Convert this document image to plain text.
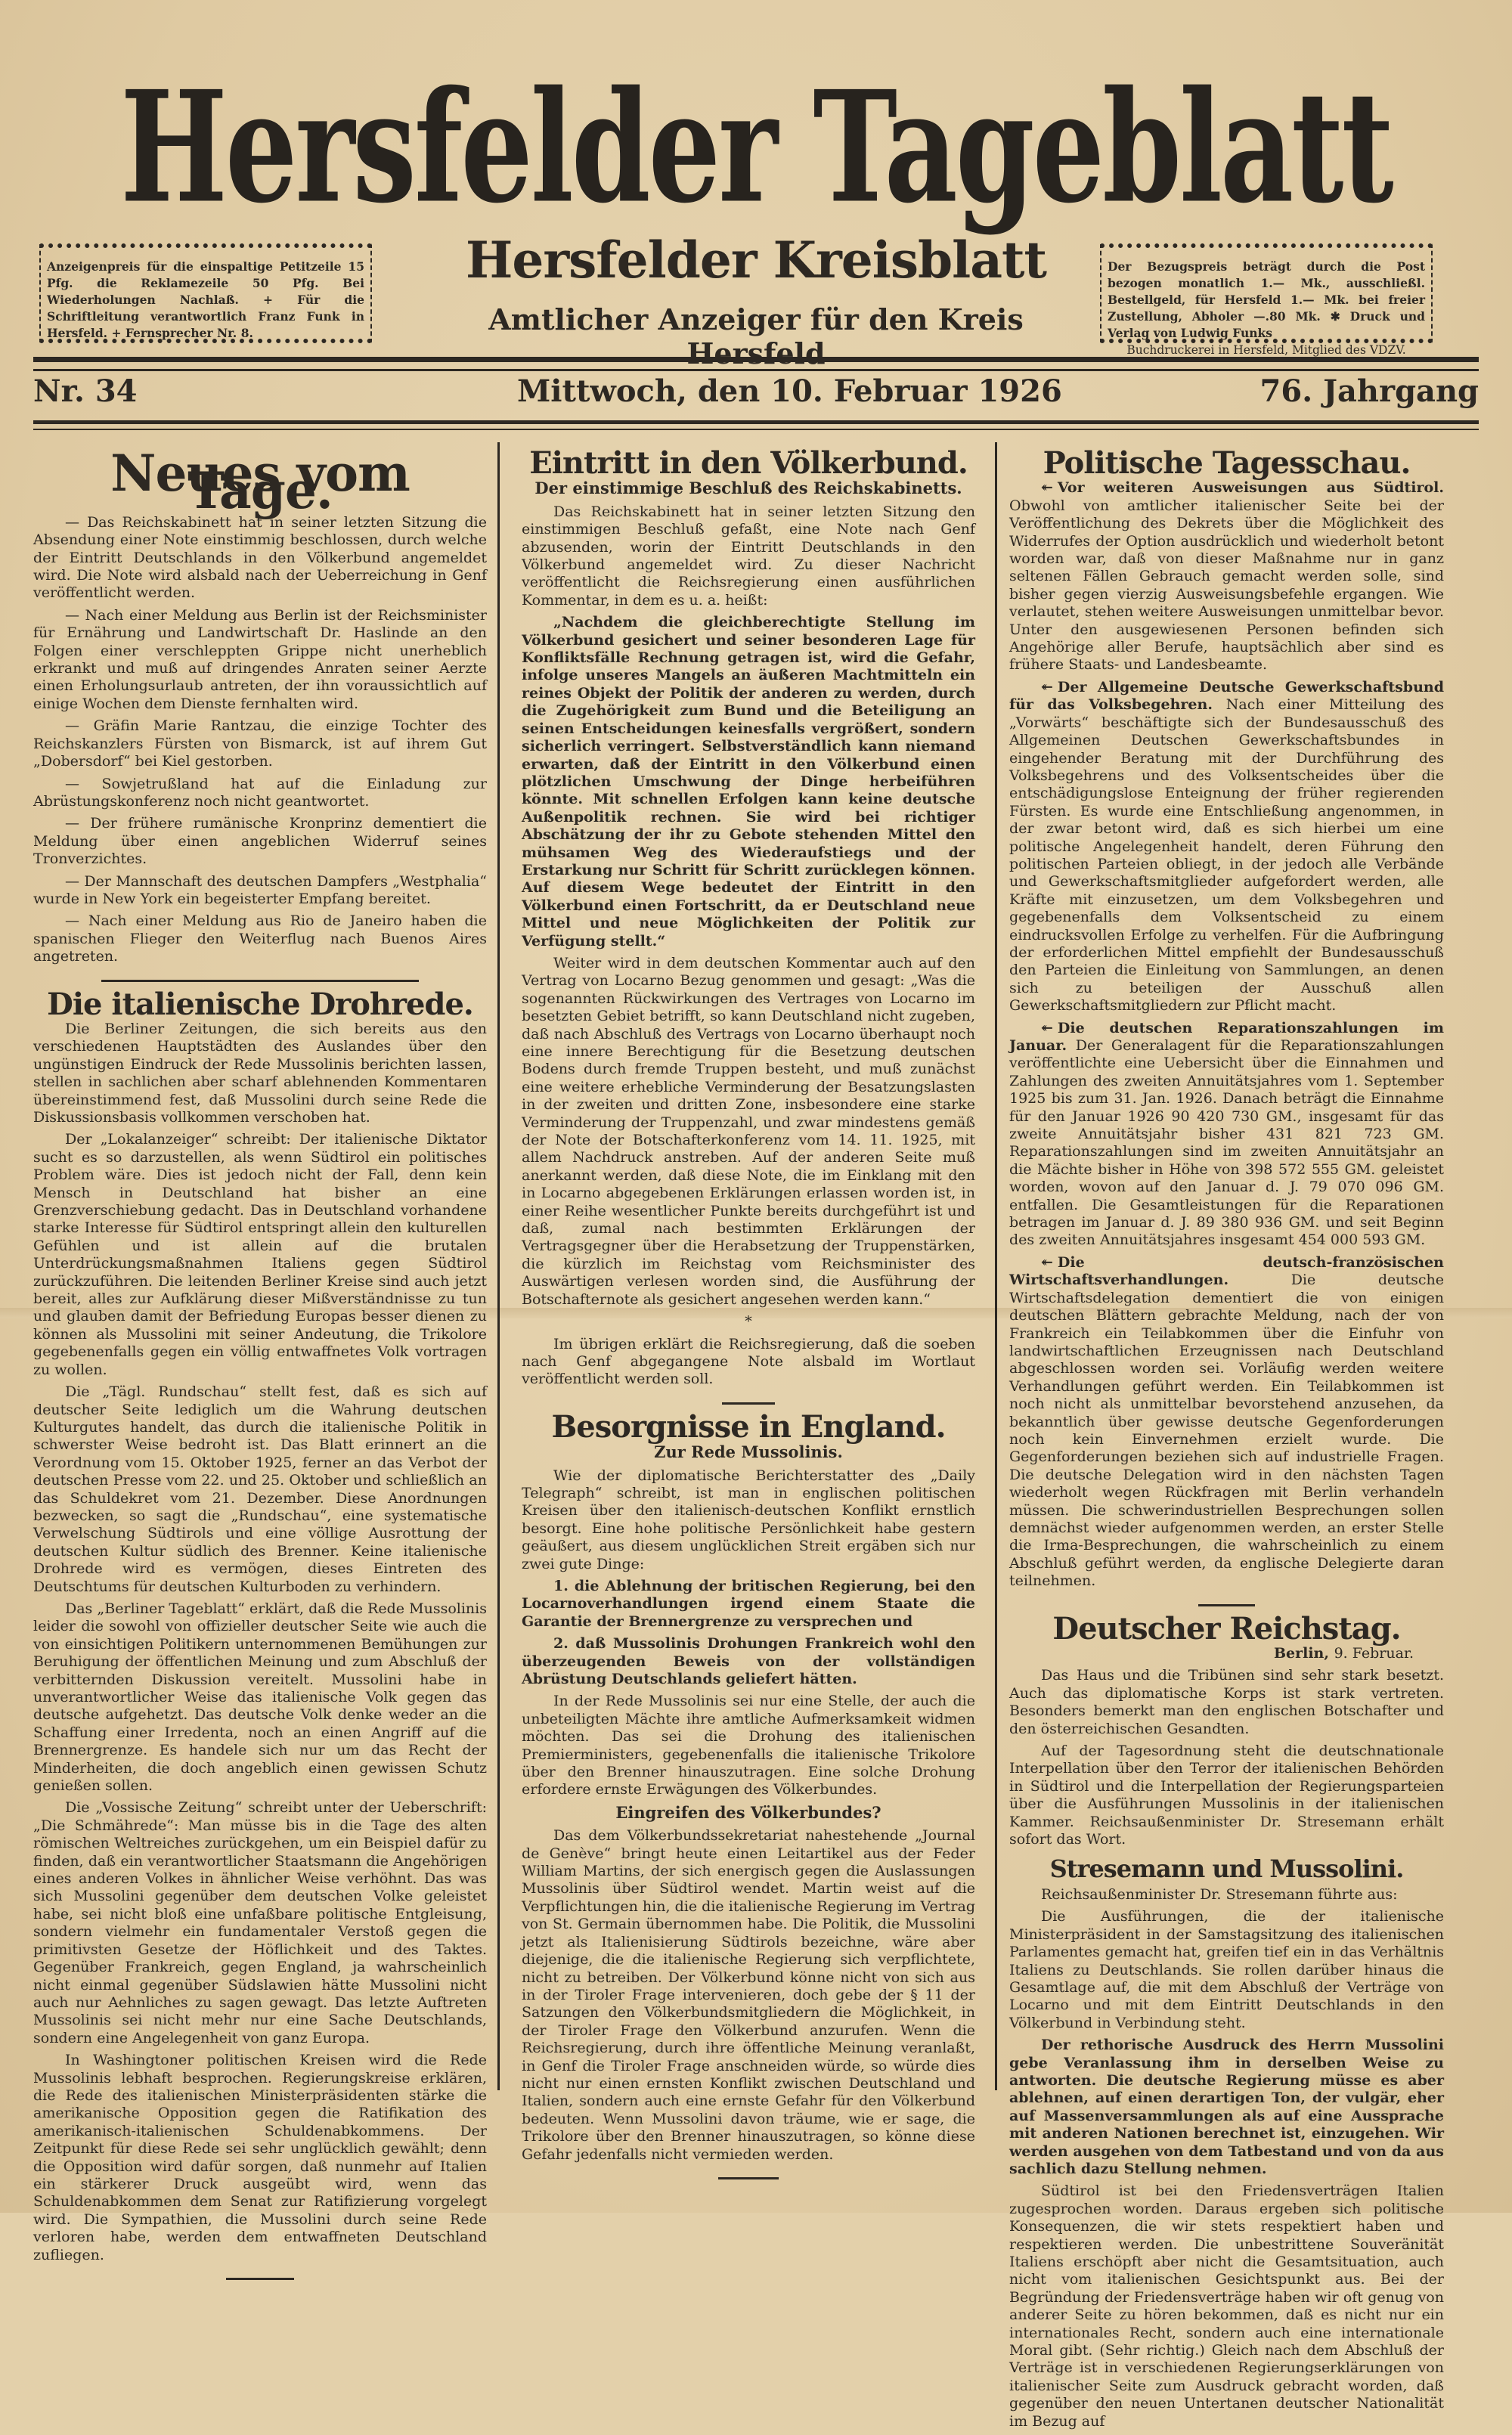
Hersfelder Tageblatt
Anzeigenpreis für die einspaltige Petitzeile 15 Pfg. die Reklamezeile 50 Pfg. Bei Wiederholungen Nachlaß. + Für die Schriftleitung verantwortlich Franz Funk in Hersfeld. + Fernsprecher Nr. 8.
Hersfelder Kreisblatt
Amtlicher Anzeiger für den Kreis Hersfeld
Der Bezugspreis beträgt durch die Post bezogen monatlich 1.— Mk., ausschließl. Bestellgeld, für Hersfeld 1.— Mk. bei freier Zustellung, Abholer —.80 Mk. ✱ Druck und Verlag von Ludwig Funks
Buchdruckerei in Hersfeld, Mitglied des VDZV.
Nr. 34	Mittwoch, den 10. Februar 1926	76. Jahrgang
Neues vom Tage.

— Das Reichskabinett hat in seiner letzten Sitzung die Absendung einer Note einstimmig beschlossen, durch welche der Eintritt Deutschlands in den Völkerbund angemeldet wird. Die Note wird alsbald nach der Ueberreichung in Genf veröffentlicht werden.

— Nach einer Meldung aus Berlin ist der Reichsminister für Ernährung und Landwirtschaft Dr. Haslinde an den Folgen einer verschleppten Grippe nicht unerheblich erkrankt und muß auf dringendes Anraten seiner Aerzte einen Erholungsurlaub antreten, der ihn voraussichtlich auf einige Wochen dem Dienste fernhalten wird.

— Gräfin Marie Rantzau, die einzige Tochter des Reichskanzlers Fürsten von Bismarck, ist auf ihrem Gut „Dobersdorf“ bei Kiel gestorben.

— Sowjetrußland hat auf die Einladung zur Abrüstungskonferenz noch nicht geantwortet.

— Der frühere rumänische Kronprinz dementiert die Meldung über einen angeblichen Widerruf seines Tronverzichtes.

— Der Mannschaft des deutschen Dampfers „Westphalia“ wurde in New York ein begeisterter Empfang bereitet.

— Nach einer Meldung aus Rio de Janeiro haben die spanischen Flieger den Weiterflug nach Buenos Aires angetreten.

Die italienische Drohrede.

Die Berliner Zeitungen, die sich bereits aus den verschiedenen Hauptstädten des Auslandes über den ungünstigen Eindruck der Rede Mussolinis berichten lassen, stellen in sachlichen aber scharf ablehnenden Kommentaren übereinstimmend fest, daß Mussolini durch seine Rede die Diskussionsbasis vollkommen verschoben hat.

Der „Lokalanzeiger“ schreibt: Der italienische Diktator sucht es so darzustellen, als wenn Südtirol ein politisches Problem wäre. Dies ist jedoch nicht der Fall, denn kein Mensch in Deutschland hat bisher an eine Grenzverschiebung gedacht. Das in Deutschland vorhandene starke Interesse für Südtirol entspringt allein den kulturellen Gefühlen und ist allein auf die brutalen Unterdrückungsmaßnahmen Italiens gegen Südtirol zurückzuführen. Die leitenden Berliner Kreise sind auch jetzt bereit, alles zur Aufklärung dieser Mißverständnisse zu tun und glauben damit der Befriedung Europas besser dienen zu können als Mussolini mit seiner Andeutung, die Trikolore gegebenenfalls gegen ein völlig entwaffnetes Volk vortragen zu wollen.

Die „Tägl. Rundschau“ stellt fest, daß es sich auf deutscher Seite lediglich um die Wahrung deutschen Kulturgutes handelt, das durch die italienische Politik in schwerster Weise bedroht ist. Das Blatt erinnert an die Verordnung vom 15. Oktober 1925, ferner an das Verbot der deutschen Presse vom 22. und 25. Oktober und schließlich an das Schuldekret vom 21. Dezember. Diese Anordnungen bezwecken, so sagt die „Rundschau“, eine systematische Verwelschung Südtirols und eine völlige Ausrottung der deutschen Kultur südlich des Brenner. Keine italienische Drohrede wird es vermögen, dieses Eintreten des Deutschtums für deutschen Kulturboden zu verhindern.

Das „Berliner Tageblatt“ erklärt, daß die Rede Mussolinis leider die sowohl von offizieller deutscher Seite wie auch die von einsichtigen Politikern unternommenen Bemühungen zur Beruhigung der öffentlichen Meinung und zum Abschluß der verbitternden Diskussion vereitelt. Mussolini habe in unverantwortlicher Weise das italienische Volk gegen das deutsche aufgehetzt. Das deutsche Volk denke weder an die Schaffung einer Irredenta, noch an einen Angriff auf die Brennergrenze. Es handele sich nur um das Recht der Minderheiten, die doch angeblich einen gewissen Schutz genießen sollen.

Die „Vossische Zeitung“ schreibt unter der Ueberschrift: „Die Schmährede“: Man müsse bis in die Tage des alten römischen Weltreiches zurückgehen, um ein Beispiel dafür zu finden, daß ein verantwortlicher Staatsmann die Angehörigen eines anderen Volkes in ähnlicher Weise verhöhnt. Das was sich Mussolini gegenüber dem deutschen Volke geleistet habe, sei nicht bloß eine unfaßbare politische Entgleisung, sondern vielmehr ein fundamentaler Verstoß gegen die primitivsten Gesetze der Höflichkeit und des Taktes. Gegenüber Frankreich, gegen England, ja wahrscheinlich nicht einmal gegenüber Südslawien hätte Mussolini nicht auch nur Aehnliches zu sagen gewagt. Das letzte Auftreten Mussolinis sei nicht mehr nur eine Sache Deutschlands, sondern eine Angelegenheit von ganz Europa.

In Washingtoner politischen Kreisen wird die Rede Mussolinis lebhaft besprochen. Regierungskreise erklären, die Rede des italienischen Ministerpräsidenten stärke die amerikanische Opposition gegen die Ratifikation des amerikanisch-italienischen Schuldenabkommens. Der Zeitpunkt für diese Rede sei sehr unglücklich gewählt; denn die Opposition wird dafür sorgen, daß nunmehr auf Italien ein stärkerer Druck ausgeübt wird, wenn das Schuldenabkommen dem Senat zur Ratifizierung vorgelegt wird. Die Sympathien, die Mussolini durch seine Rede verloren habe, werden dem entwaffneten Deutschland zufliegen.

Eintritt in den Völkerbund.
Der einstimmige Beschluß des Reichskabinetts.

Das Reichskabinett hat in seiner letzten Sitzung den einstimmigen Beschluß gefaßt, eine Note nach Genf abzusenden, worin der Eintritt Deutschlands in den Völkerbund angemeldet wird. Zu dieser Nachricht veröffentlicht die Reichsregierung einen ausführlichen Kommentar, in dem es u. a. heißt:

„Nachdem die gleichberechtigte Stellung im Völkerbund gesichert und seiner besonderen Lage für Konfliktsfälle Rechnung getragen ist, wird die Gefahr, infolge unseres Mangels an äußeren Machtmitteln ein reines Objekt der Politik der anderen zu werden, durch die Zugehörigkeit zum Bund und die Beteiligung an seinen Entscheidungen keinesfalls vergrößert, sondern sicherlich verringert. Selbstverständlich kann niemand erwarten, daß der Eintritt in den Völkerbund einen plötzlichen Umschwung der Dinge herbeiführen könnte. Mit schnellen Erfolgen kann keine deutsche Außenpolitik rechnen. Sie wird bei richtiger Abschätzung der ihr zu Gebote stehenden Mittel den mühsamen Weg des Wiederaufstiegs und der Erstarkung nur Schritt für Schritt zurücklegen können. Auf diesem Wege bedeutet der Eintritt in den Völkerbund einen Fortschritt, da er Deutschland neue Mittel und neue Möglichkeiten der Politik zur Verfügung stellt.“

Weiter wird in dem deutschen Kommentar auch auf den Vertrag von Locarno Bezug genommen und gesagt: „Was die sogenannten Rückwirkungen des Vertrages von Locarno im besetzten Gebiet betrifft, so kann Deutschland nicht zugeben, daß nach Abschluß des Vertrags von Locarno überhaupt noch eine innere Berechtigung für die Besetzung deutschen Bodens durch fremde Truppen besteht, und muß zunächst eine weitere erhebliche Verminderung der Besatzungslasten in der zweiten und dritten Zone, insbesondere eine starke Verminderung der Truppenzahl, und zwar mindestens gemäß der Note der Botschafterkonferenz vom 14. 11. 1925, mit allem Nachdruck anstreben. Auf der anderen Seite muß anerkannt werden, daß diese Note, die im Einklang mit den in Locarno abgegebenen Erklärungen erlassen worden ist, in einer Reihe wesentlicher Punkte bereits durchgeführt ist und daß, zumal nach bestimmten Erklärungen der Vertragsgegner über die Herabsetzung der Truppenstärken, die kürzlich im Reichstag vom Reichsminister des Auswärtigen verlesen worden sind, die Ausführung der Botschafternote als gesichert angesehen werden kann.“

*

Im übrigen erklärt die Reichsregierung, daß die soeben nach Genf abgegangene Note alsbald im Wortlaut veröffentlicht werden soll.

Besorgnisse in England.
Zur Rede Mussolinis.

Wie der diplomatische Berichterstatter des „Daily Telegraph“ schreibt, ist man in englischen politischen Kreisen über den italienisch-deutschen Konflikt ernstlich besorgt. Eine hohe politische Persönlichkeit habe gestern geäußert, aus diesem unglücklichen Streit ergäben sich nur zwei gute Dinge:

1. die Ablehnung der britischen Regierung, bei den Locarnoverhandlungen irgend einem Staate die Garantie der Brennergrenze zu versprechen und

2. daß Mussolinis Drohungen Frankreich wohl den überzeugenden Beweis von der vollständigen Abrüstung Deutschlands geliefert hätten.

In der Rede Mussolinis sei nur eine Stelle, der auch die unbeteiligten Mächte ihre amtliche Aufmerksamkeit widmen möchten. Das sei die Drohung des italienischen Premierministers, gegebenenfalls die italienische Trikolore über den Brenner hinauszutragen. Eine solche Drohung erfordere ernste Erwägungen des Völkerbundes.

Eingreifen des Völkerbundes?

Das dem Völkerbundssekretariat nahestehende „Journal de Genève“ bringt heute einen Leitartikel aus der Feder William Martins, der sich energisch gegen die Auslassungen Mussolinis über Südtirol wendet. Martin weist auf die Verpflichtungen hin, die die italienische Regierung im Vertrag von St. Germain übernommen habe. Die Politik, die Mussolini jetzt als Italienisierung Südtirols bezeichne, wäre aber diejenige, die die italienische Regierung sich verpflichtete, nicht zu betreiben. Der Völkerbund könne nicht von sich aus in der Tiroler Frage intervenieren, doch gebe der § 11 der Satzungen den Völkerbundsmitgliedern die Möglichkeit, in der Tiroler Frage den Völkerbund anzurufen. Wenn die Reichsregierung, durch ihre öffentliche Meinung veranlaßt, in Genf die Tiroler Frage anschneiden würde, so würde dies nicht nur einen ernsten Konflikt zwischen Deutschland und Italien, sondern auch eine ernste Gefahr für den Völkerbund bedeuten. Wenn Mussolini davon träume, wie er sage, die Trikolore über den Brenner hinauszutragen, so könne diese Gefahr jedenfalls nicht vermieden werden.

Politische Tagesschau.

↞ Vor weiteren Ausweisungen aus Südtirol. Obwohl von amtlicher italienischer Seite bei der Veröffentlichung des Dekrets über die Möglichkeit des Widerrufes der Option ausdrücklich und wiederholt betont worden war, daß von dieser Maßnahme nur in ganz seltenen Fällen Gebrauch gemacht werden solle, sind bisher gegen vierzig Ausweisungsbefehle ergangen. Wie verlautet, stehen weitere Ausweisungen unmittelbar bevor. Unter den ausgewiesenen Personen befinden sich Angehörige aller Berufe, hauptsächlich aber sind es frühere Staats- und Landesbeamte.

↞ Der Allgemeine Deutsche Gewerkschaftsbund für das Volksbegehren. Nach einer Mitteilung des „Vorwärts“ beschäftigte sich der Bundesausschuß des Allgemeinen Deutschen Gewerkschaftsbundes in eingehender Beratung mit der Durchführung des Volksbegehrens und des Volksentscheides über die entschädigungslose Enteignung der früher regierenden Fürsten. Es wurde eine Entschließung angenommen, in der zwar betont wird, daß es sich hierbei um eine politische Angelegenheit handelt, deren Führung den politischen Parteien obliegt, in der jedoch alle Verbände und Gewerkschaftsmitglieder aufgefordert werden, alle Kräfte mit einzusetzen, um dem Volksbegehren und gegebenenfalls dem Volksentscheid zu einem eindrucksvollen Erfolge zu verhelfen. Für die Aufbringung der erforderlichen Mittel empfiehlt der Bundesausschuß den Parteien die Einleitung von Sammlungen, an denen sich zu beteiligen der Ausschuß allen Gewerkschaftsmitgliedern zur Pflicht macht.

↞ Die deutschen Reparationszahlungen im Januar. Der Generalagent für die Reparationszahlungen veröffentlichte eine Uebersicht über die Einnahmen und Zahlungen des zweiten Annuitätsjahres vom 1. September 1925 bis zum 31. Jan. 1926. Danach beträgt die Einnahme für den Januar 1926 90 420 730 GM., insgesamt für das zweite Annuitätsjahr bisher 431 821 723 GM. Reparationszahlungen sind im zweiten Annuitätsjahr an die Mächte bisher in Höhe von 398 572 555 GM. geleistet worden, wovon auf den Januar d. J. 79 070 096 GM. entfallen. Die Gesamtleistungen für die Reparationen betragen im Januar d. J. 89 380 936 GM. und seit Beginn des zweiten Annuitätsjahres insgesamt 454 000 593 GM.

↞ Die deutsch-französischen Wirtschaftsverhandlungen.	Die deutsche Wirtschaftsdelegation dementiert die von einigen deutschen Blättern gebrachte Meldung, nach der von Frankreich ein Teilabkommen über die Einfuhr von landwirtschaftlichen Erzeugnissen nach Deutschland abgeschlossen worden sei. Vorläufig werden weitere Verhandlungen geführt werden. Ein Teilabkommen ist noch nicht als unmittelbar bevorstehend anzusehen, da bekanntlich über gewisse deutsche Gegenforderungen noch kein Einvernehmen erzielt wurde. Die Gegenforderungen beziehen sich auf industrielle Fragen. Die deutsche Delegation wird in den nächsten Tagen wiederholt wegen Rückfragen mit Berlin verhandeln müssen. Die schwerindustriellen Besprechungen sollen demnächst wieder aufgenommen werden, an erster Stelle die Irma-Besprechungen, die wahrscheinlich zu einem Abschluß geführt werden, da englische Delegierte daran teilnehmen.

Deutscher Reichstag.
Berlin, 9. Februar.

Das Haus und die Tribünen sind sehr stark besetzt. Auch das diplomatische Korps ist stark vertreten. Besonders bemerkt man den englischen Botschafter und den österreichischen Gesandten.

Auf der Tagesordnung steht die deutschnationale Interpellation über den Terror der italienischen Behörden in Südtirol und die Interpellation der Regierungsparteien über die Ausführungen Mussolinis in der italienischen Kammer. Reichsaußenminister Dr. Stresemann erhält sofort das Wort.

Stresemann und Mussolini.

Reichsaußenminister Dr. Stresemann führte aus:

Die Ausführungen, die der italienische Ministerpräsident in der Samstagsitzung des italienischen Parlamentes gemacht hat, greifen tief ein in das Verhältnis Italiens zu Deutschlands. Sie rollen darüber hinaus die Gesamtlage auf, die mit dem Abschluß der Verträge von Locarno und mit dem Eintritt Deutschlands in den Völkerbund in Verbindung steht.

Der rethorische Ausdruck des Herrn Mussolini gebe Veranlassung ihm in derselben Weise zu antworten. Die deutsche Regierung müsse es aber ablehnen, auf einen derartigen Ton, der vulgär, eher auf Massenversammlungen als auf eine Aussprache mit anderen Nationen berechnet ist, einzugehen. Wir werden ausgehen von dem Tatbestand und von da aus sachlich dazu Stellung nehmen.

Südtirol ist bei den Friedensverträgen Italien zugesprochen worden. Daraus ergeben sich politische Konsequenzen, die wir stets respektiert haben und respektieren werden. Die unbestrittene Souveränität Italiens erschöpft aber nicht die Gesamtsituation, auch nicht vom italienischen Gesichtspunkt aus. Bei der Begründung der Friedensverträge haben wir oft genug von anderer Seite zu hören bekommen, daß es nicht nur ein internationales Recht, sondern auch eine internationale Moral gibt. (Sehr richtig.) Gleich nach dem Abschluß der Verträge ist in verschiedenen Regierungserklärungen von italienischer Seite zum Ausdruck gebracht worden, daß gegenüber den neuen Untertanen deutscher Nationalität im Bezug auf
